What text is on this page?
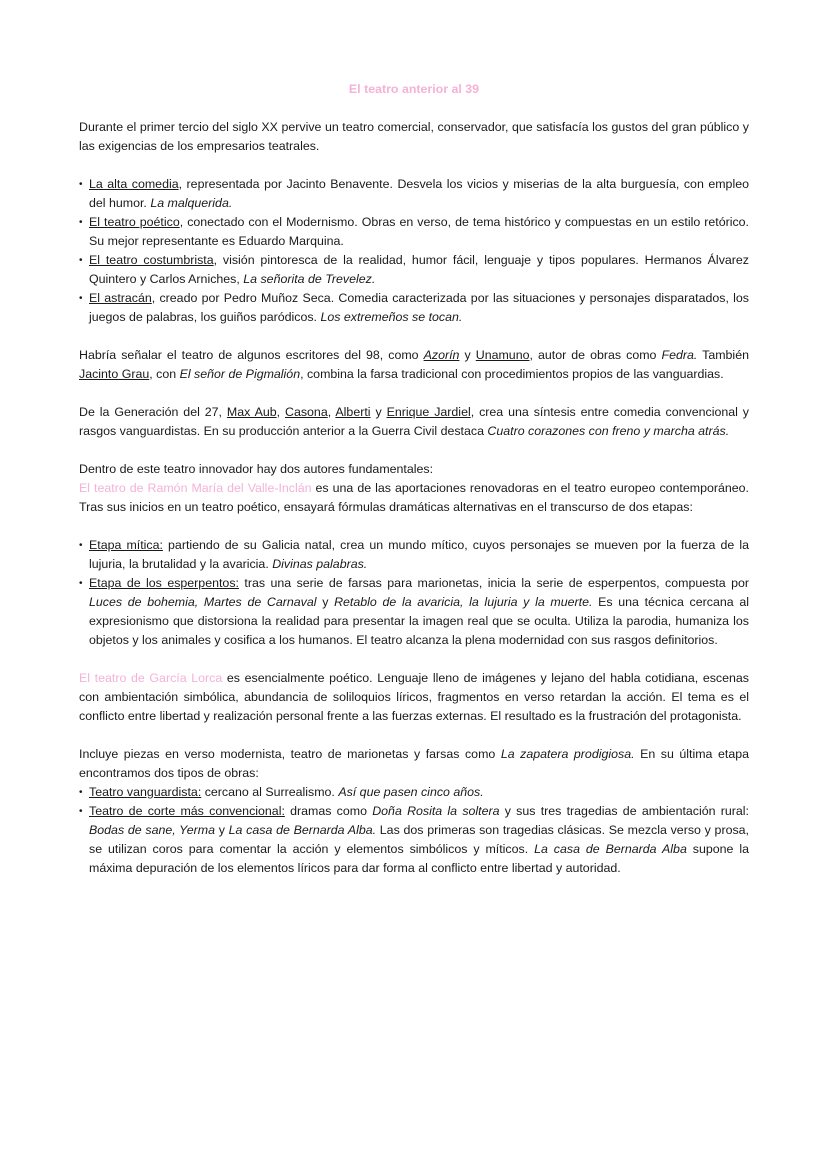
El teatro anterior al 39

Durante el primer tercio del siglo XX pervive un teatro comercial, conservador, que satisfacía los gustos del gran público y las exigencias de los empresarios teatrales.

• La alta comedia, representada por Jacinto Benavente. Desvela los vicios y miserias de la alta burguesía, con empleo del humor. La malquerida.
• El teatro poético, conectado con el Modernismo. Obras en verso, de tema histórico y compuestas en un estilo retórico. Su mejor representante es Eduardo Marquina.
• El teatro costumbrista, visión pintoresca de la realidad, humor fácil, lenguaje y tipos populares. Hermanos Álvarez Quintero y Carlos Arniches, La señorita de Trevelez.
• El astracán, creado por Pedro Muñoz Seca. Comedia caracterizada por las situaciones y personajes disparatados, los juegos de palabras, los guiños paródicos. Los extremeños se tocan.

Habría señalar el teatro de algunos escritores del 98, como Azorín y Unamuno, autor de obras como Fedra. También Jacinto Grau, con El señor de Pigmalión, combina la farsa tradicional con procedimientos propios de las vanguardias.

De la Generación del 27, Max Aub, Casona, Alberti y Enrique Jardiel, crea una síntesis entre comedia convencional y rasgos vanguardistas. En su producción anterior a la Guerra Civil destaca Cuatro corazones con freno y marcha atrás.

Dentro de este teatro innovador hay dos autores fundamentales:

El teatro de Ramón María del Valle-Inclán es una de las aportaciones renovadoras en el teatro europeo contemporáneo. Tras sus inicios en un teatro poético, ensayará fórmulas dramáticas alternativas en el transcurso de dos etapas:

• Etapa mítica: partiendo de su Galicia natal, crea un mundo mítico, cuyos personajes se mueven por la fuerza de la lujuria, la brutalidad y la avaricia. Divinas palabras.
• Etapa de los esperpentos: tras una serie de farsas para marionetas, inicia la serie de esperpentos, compuesta por Luces de bohemia, Martes de Carnaval y Retablo de la avaricia, la lujuria y la muerte. Es una técnica cercana al expresionismo que distorsiona la realidad para presentar la imagen real que se oculta. Utiliza la parodia, humaniza los objetos y los animales y cosifica a los humanos. El teatro alcanza la plena modernidad con sus rasgos definitorios.

El teatro de García Lorca es esencialmente poético. Lenguaje lleno de imágenes y lejano del habla cotidiana, escenas con ambientación simbólica, abundancia de soliloquios líricos, fragmentos en verso retardan la acción. El tema es el conflicto entre libertad y realización personal frente a las fuerzas externas. El resultado es la frustración del protagonista.

Incluye piezas en verso modernista, teatro de marionetas y farsas como La zapatera prodigiosa. En su última etapa encontramos dos tipos de obras:

• Teatro vanguardista: cercano al Surrealismo. Así que pasen cinco años.
• Teatro de corte más convencional: dramas como Doña Rosita la soltera y sus tres tragedias de ambientación rural: Bodas de sane, Yerma y La casa de Bernarda Alba. Las dos primeras son tragedias clásicas. Se mezcla verso y prosa, se utilizan coros para comentar la acción y elementos simbólicos y míticos. La casa de Bernarda Alba supone la máxima depuración de los elementos líricos para dar forma al conflicto entre libertad y autoridad.
